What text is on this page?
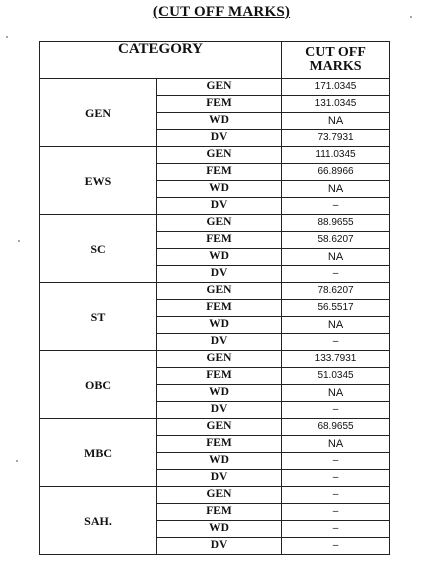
(CUT OFF MARKS)
CATEGORY		CUT OFF
MARKS
GEN	GEN	171.0345
	FEM	131.0345
	WD	NA
	DV	73.7931
EWS	GEN	111.0345
	FEM	66.8966
	WD	NA
	DV	–
SC	GEN	88.9655
	FEM	58.6207
	WD	NA
	DV	–
ST	GEN	78.6207
	FEM	56.5517
	WD	NA
	DV	–
OBC	GEN	133.7931
	FEM	51.0345
	WD	NA
	DV	–
MBC	GEN	68.9655
	FEM	NA
	WD	–
	DV	–
SAH.	GEN	–
	FEM	–
	WD	–
	DV	–
